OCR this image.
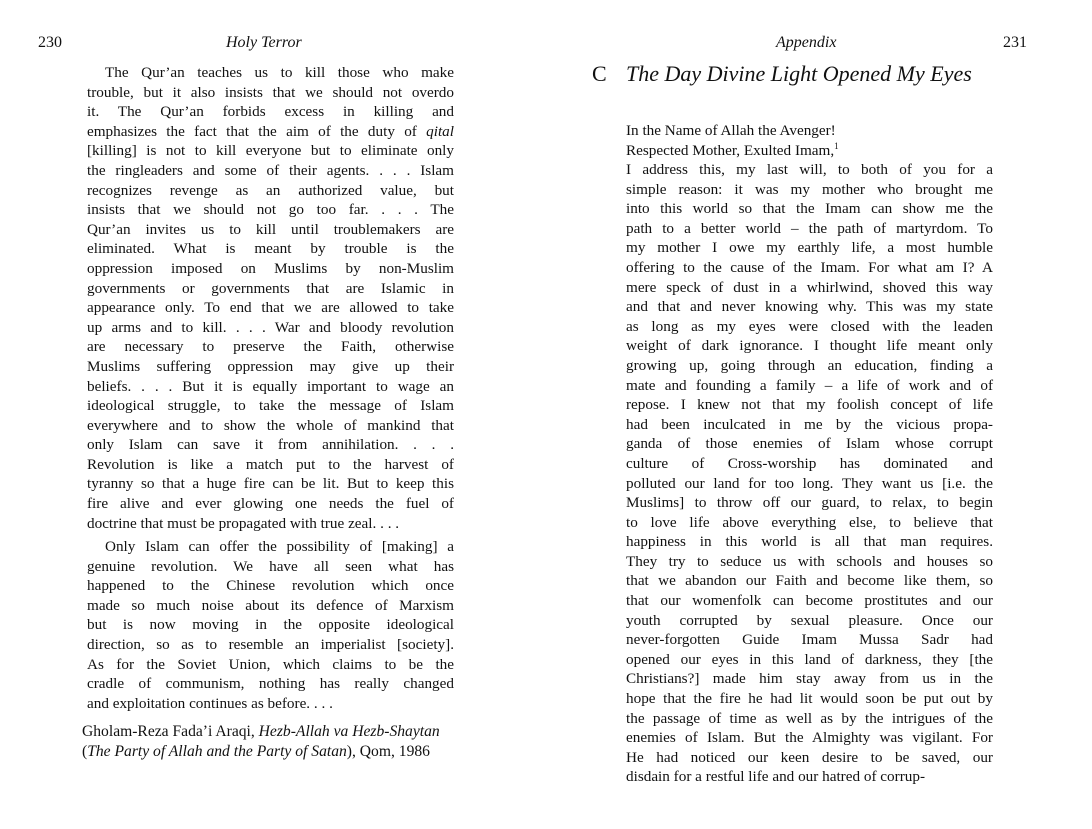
230	Holy Terror
The Qur’an teaches us to kill those who make
trouble, but it also insists that we should not overdo
it. The Qur’an forbids excess in killing and
emphasizes the fact that the aim of the duty of qital
[killing] is not to kill everyone but to eliminate only
the ringleaders and some of their agents. . . . Islam
recognizes revenge as an authorized value, but
insists that we should not go too far. . . . The
Qur’an invites us to kill until troublemakers are
eliminated. What is meant by trouble is the
oppression imposed on Muslims by non-Muslim
governments or governments that are Islamic in
appearance only. To end that we are allowed to take
up arms and to kill. . . . War and bloody revolution
are necessary to preserve the Faith, otherwise
Muslims suffering oppression may give up their
beliefs. . . . But it is equally important to wage an
ideological struggle, to take the message of Islam
everywhere and to show the whole of mankind that
only Islam can save it from annihilation. . . .
Revolution is like a match put to the harvest of
tyranny so that a huge fire can be lit. But to keep this
fire alive and ever glowing one needs the fuel of
doctrine that must be propagated with true zeal. . . .
Only Islam can offer the possibility of [making] a
genuine revolution. We have all seen what has
happened to the Chinese revolution which once
made so much noise about its defence of Marxism
but is now moving in the opposite ideological
direction, so as to resemble an imperialist [society].
As for the Soviet Union, which claims to be the
cradle of communism, nothing has really changed
and exploitation continues as before. . . .
Gholam-Reza Fada’i Araqi, Hezb-Allah va Hezb-Shaytan
(The Party of Allah and the Party of Satan), Qom, 1986
Appendix	231
C The Day Divine Light Opened My Eyes
In the Name of Allah the Avenger!
Respected Mother, Exulted Imam,$^1$
I address this, my last will, to both of you for a
simple reason: it was my mother who brought me
into this world so that the Imam can show me the
path to a better world – the path of martyrdom. To
my mother I owe my earthly life, a most humble
offering to the cause of the Imam. For what am I? A
mere speck of dust in a whirlwind, shoved this way
and that and never knowing why. This was my state
as long as my eyes were closed with the leaden
weight of dark ignorance. I thought life meant only
growing up, going through an education, finding a
mate and founding a family – a life of work and of
repose. I knew not that my foolish concept of life
had been inculcated in me by the vicious propa-
ganda of those enemies of Islam whose corrupt
culture of Cross-worship has dominated and
polluted our land for too long. They want us [i.e. the
Muslims] to throw off our guard, to relax, to begin
to love life above everything else, to believe that
happiness in this world is all that man requires.
They try to seduce us with schools and houses so
that we abandon our Faith and become like them, so
that our womenfolk can become prostitutes and our
youth corrupted by sexual pleasure. Once our
never-forgotten Guide Imam Mussa Sadr had
opened our eyes in this land of darkness, they [the
Christians?] made him stay away from us in the
hope that the fire he had lit would soon be put out by
the passage of time as well as by the intrigues of the
enemies of Islam. But the Almighty was vigilant. For
He had noticed our keen desire to be saved, our
disdain for a restful life and our hatred of corrup-
